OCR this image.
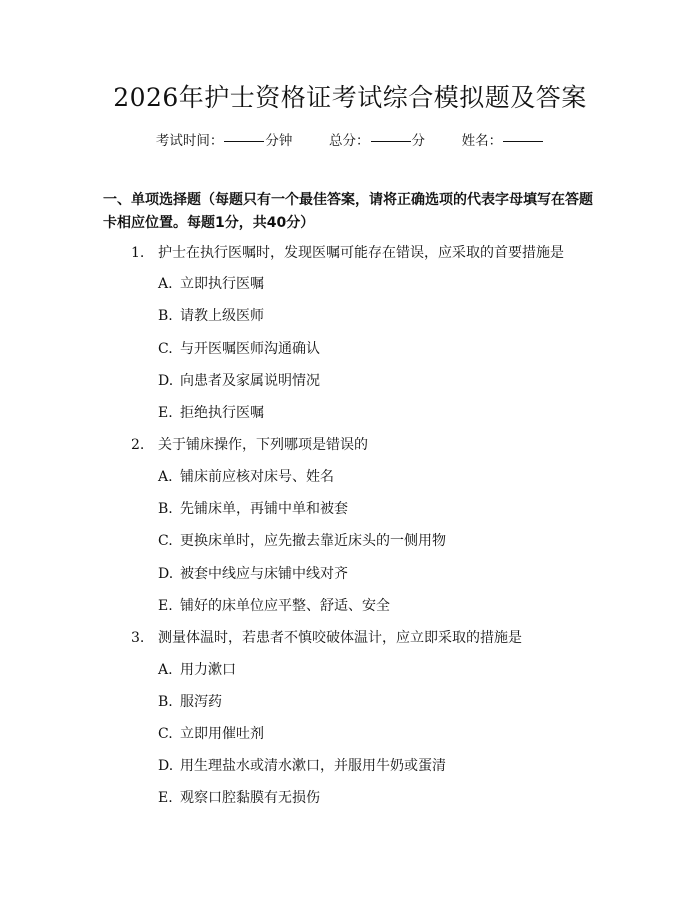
2026年护士资格证考试综合模拟题及答案
考试时间：	分钟	总分：	分	姓名：
一、单项选择题（每题只有一个最佳答案，请将正确选项的代表字母填写在答题卡相应位置。每题1分，共40分）
1. 护士在执行医嘱时，发现医嘱可能存在错误，应采取的首要措施是
A. 立即执行医嘱
B. 请教上级医师
C. 与开医嘱医师沟通确认
D. 向患者及家属说明情况
E. 拒绝执行医嘱
2. 关于铺床操作，下列哪项是错误的
A. 铺床前应核对床号、姓名
B. 先铺床单，再铺中单和被套
C. 更换床单时，应先撤去靠近床头的一侧用物
D. 被套中线应与床铺中线对齐
E. 铺好的床单位应平整、舒适、安全
3. 测量体温时，若患者不慎咬破体温计，应立即采取的措施是
A. 用力漱口
B. 服泻药
C. 立即用催吐剂
D. 用生理盐水或清水漱口，并服用牛奶或蛋清
E. 观察口腔黏膜有无损伤
